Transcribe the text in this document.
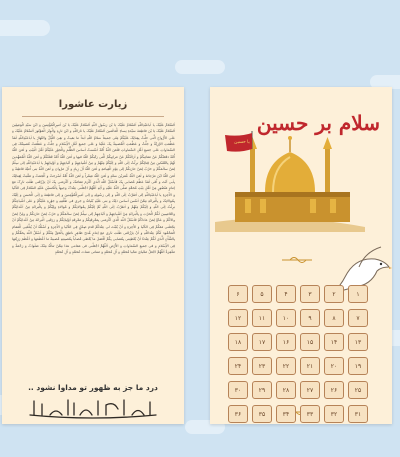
زیارت عاشورا
اَلسَّلامُ عَلَیْکَ یا اَباعَبْدِاللّهِ اَلسَّلامُ عَلَیْکَ یَا بْنَ رَسُولِ اللّهِ اَلسَّلامُ عَلَیْکَ یَا بْنَ اَمیرِالْمُؤْمِنینَ وَ ابْنَ سَیِّدِ الْوَصِیّینَ اَلسَّلامُ عَلَیْکَ یَا بْنَ فاطِمَةَ سَیِّدَةِ نِساءِ الْعالَمینَ اَلسَّلامُ عَلَیْکَ یا ثارَاللّهِ وَ ابْنَ ثارِهِ وَالْوِتْرَ الْمَوْتُورَ اَلسَّلامُ عَلَیْکَ وَ عَلَی الاَْرْواحِ الَّتی حَلَّتْ بِفِنائِکَ عَلَیْکُمْ مِنّی جَمیعاً سَلامُ اللّهِ اَبَداً ما بَقیتُ وَ بَقِیَ اللَّیْلُ وَالنَّهارُ یا اَباعَبْدِاللّهِ لَقَدْ عَظُمَتِ الرَّزِیَّةُ وَ جَلَّتْ وَ عَظُمَتِ الْمُصیبَةُ بِکَ عَلَیْنا وَ عَلی جَمیعِ اَهْلِ الاِْسْلامِ وَ جَلَّتْ وَ عَظُمَتْ مُصیبَتُکَ فِی السَّماواتِ عَلی جَمیعِ اَهْلِ السَّماواتِ فَلَعَنَ اللّهُ اُمَّةً اَسَّسَتْ اَساسَ الظُّلْمِ وَالْجَوْرِ عَلَیْکُمْ اَهْلَ الْبَیْتِ وَ لَعَنَ اللّهُ اُمَّةً دَفَعَتْکُمْ عَنْ مَقامِکُمْ وَ اَزالَتْکُمْ عَنْ مَراتِبِکُمُ الَّتی رَتَّبَکُمُ اللّهُ فیها وَ لَعَنَ اللّهُ اُمَّةً قَتَلَتْکُمْ وَ لَعَنَ اللّهُ الْمُمَهِّدینَ لَهُمْ بِالتَّمْکینِ مِنْ قِتالِکُمْ بَرِئْتُ اِلَی اللّهِ وَ اِلَیْکُمْ مِنْهُمْ وَ مِنْ اَشْیاعِهِمْ وَ اَتْباعِهِمْ وَ اَوْلِیائِهِمْ یا اَباعَبْدِاللّهِ اِنّی سِلْمٌ لِمَنْ سالَمَکُمْ وَ حَرْبٌ لِمَنْ حارَبَکُمْ اِلی یَوْمِ الْقِیامَةِ وَ لَعَنَ اللّهُ آلَ زِیادٍ وَ آلَ مَرْوانَ وَ لَعَنَ اللّهُ بَنی اُمَیَّةَ قاطِبَةً وَ لَعَنَ اللّهُ ابْنَ مَرْجانَةَ وَ لَعَنَ اللّهُ عُمَرَبْنَ سَعْدٍ وَ لَعَنَ اللّهُ شِمْراً وَ لَعَنَ اللّهُ اُمَّةً اَسْرَجَتْ وَ اَلْجَمَتْ وَ تَنَقَّبَتْ لِقِتالِکَ بِاَبی اَنْتَ وَ اُمّی لَقَدْ عَظُمَ مُصابی بِکَ فَاَسْئَلُ اللّهَ الَّذی اَکْرَمَ مَقامَکَ وَ اَکْرَمَنی بِکَ اَنْ یَرْزُقَنی طَلَبَ ثارِکَ مَعَ اِمامٍ مَنْصُورٍ مِنْ اَهْلِ بَیْتِ مُحَمَّدٍ صَلَّی اللّهُ عَلَیْهِ وَ آلِهِ اَللّهُمَّ اجْعَلْنی عِنْدَکَ وَجیهاً بِالْحُسَیْنِ عَلَیْهِ السَّلامُ فِی الدُّنْیا وَ الاْخِرَةِ یا اَباعَبْدِاللّهِ اِنّی اَتَقَرَّبُ اِلَی اللّهِ وَ اِلی رَسُولِهِ وَ اِلی اَمیرِالْمُؤْمِنینَ وَ اِلی فاطِمَةَ وَ اِلَی الْحَسَنِ وَ اِلَیْکَ بِمُوالاتِکَ وَ بِالْبَرائَةِ مِمَّنْ اَسَّسَ اَساسَ ذلِکَ وَ بَنی عَلَیْهِ بُنْیانَهُ وَ جَری فی ظُلْمِهِ وَ جَوْرِهِ عَلَیْکُمْ وَ عَلی اَشْیاعِکُمْ بَرِئْتُ اِلَی اللّهِ وَ اِلَیْکُمْ مِنْهُمْ وَ اَتَقَرَّبُ اِلَی اللّهِ ثُمَّ اِلَیْکُمْ بِمُوالاتِکُمْ وَ مُوالاةِ وَلِیِّکُمْ وَ بِالْبَرائَةِ مِنْ اَعْدائِکُمْ وَالنّاصِبینَ لَکُمُ الْحَرْبَ وَ بِالْبَرائَةِ مِنْ اَشْیاعِهِمْ وَ اَتْباعِهِمْ اِنّی سِلْمٌ لِمَنْ سالَمَکُمْ وَ حَرْبٌ لِمَنْ حارَبَکُمْ وَ وَلِیٌّ لِمَنْ والاکُمْ وَ عَدُوٌّ لِمَنْ عاداکُمْ فَاَسْئَلُ اللّهَ الَّذی اَکْرَمَنی بِمَعْرِفَتِکُمْ وَ مَعْرِفَةِ اَوْلِیائِکُمْ وَ رَزَقَنِی الْبَرائَةَ مِنْ اَعْدائِکُمْ اَنْ یَجْعَلَنی مَعَکُمْ فِی الدُّنْیا وَ الاْخِرَةِ وَ اَنْ یُثَبِّتَ لی عِنْدَکُمْ قَدَمَ صِدْقٍ فِی الدُّنْیا وَ الاْخِرَةِ وَ اَسْئَلُهُ اَنْ یُبَلِّغَنِی الْمَقامَ الْمَحْمُودَ لَکُمْ عِنْدَاللّهِ وَ اَنْ یَرْزُقَنی طَلَبَ ثاری مَعَ اِمامٍ هُدیً ظاهِرٍ ناطِقٍ بِالْحَقِّ مِنْکُمْ وَ اَسْئَلُ اللّهَ بِحَقِّکُمْ وَ بِالشَّاْنِ الَّذی لَکُمْ عِنْدَهُ اَنْ یُعْطِیَنی بِمُصابی بِکُمْ اَفْضَلَ ما یُعْطی مُصاباً بِمُصیبَتِهِ مُصیبَةً ما اَعْظَمَها وَ اَعْظَمَ رَزِیَّتَها فِی الاِْسْلامِ وَ فی جَمیعِ السَّماواتِ وَ الاَْرْضِ اَللّهُمَّ اجْعَلْنی فی مَقامی هذا مِمَّنْ تَنالُهُ مِنْکَ صَلَواتٌ وَ رَحْمَةٌ وَ مَغْفِرَةٌ اَللّهُمَّ اجْعَلْ مَحْیایَ مَحْیا مُحَمَّدٍ وَ آلِ مُحَمَّدٍ وَ مَماتی مَماتَ مُحَمَّدٍ وَ آلِ مُحَمَّدٍ
درد ما جز به ظهور تو مداوا نشود ..
یا حسین
سلام بر حسین
۱
۲
۳
۴
۵
۶
۷
۸
۹
۱۰
۱۱
۱۲
۱۳
۱۴
۱۵
۱۶
۱۷
۱۸
۱۹
۲۰
۲۱
۲۲
۲۳
۲۴
۲۵
۲۶
۲۷
۲۸
۲۹
۳۰
۳۱
۳۲
۳۳
۳۴
۳۵
۳۶
